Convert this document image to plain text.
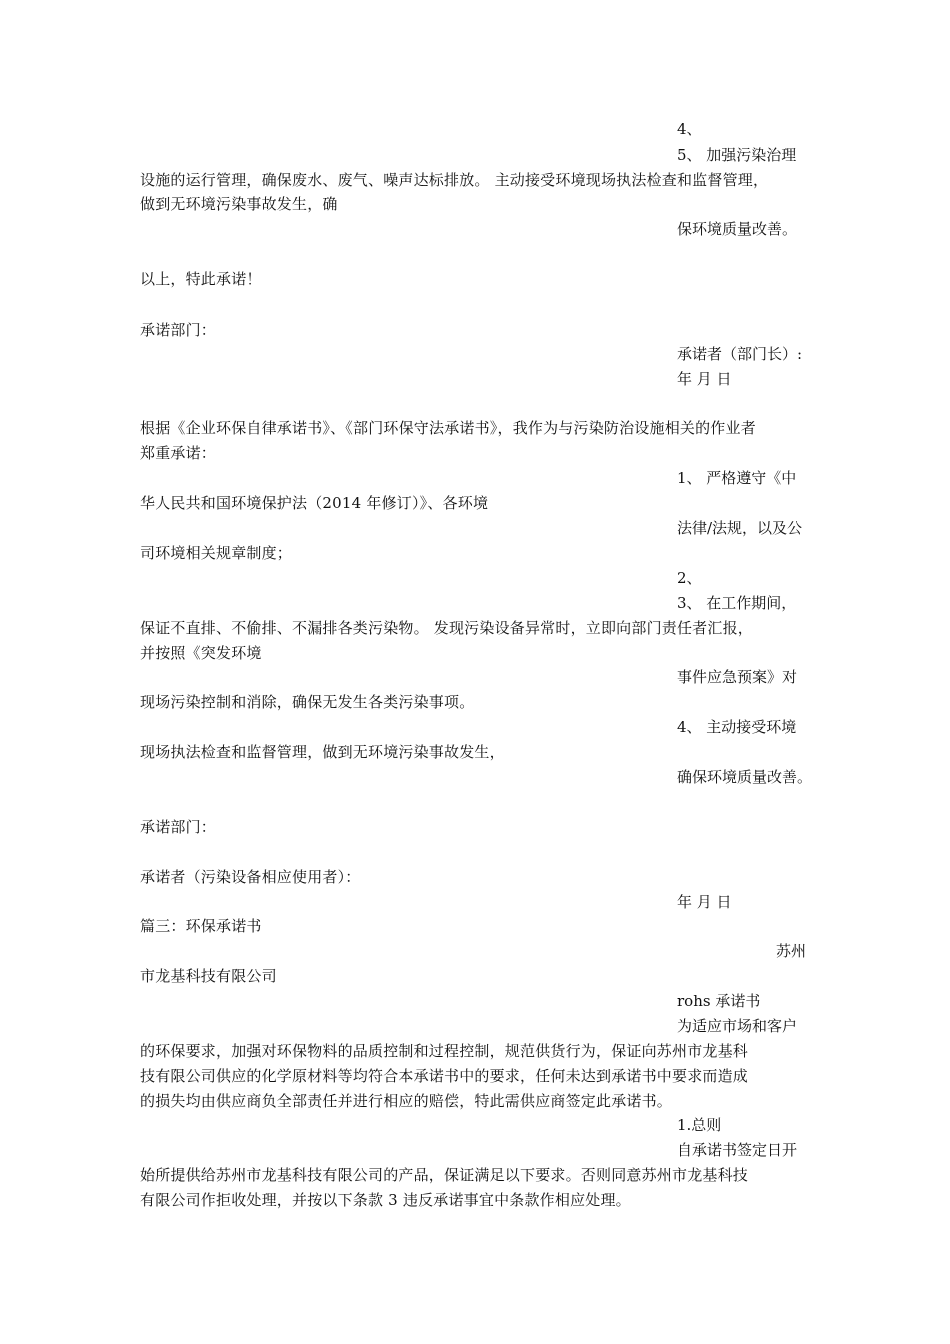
4、
5、 加强污染治理
设施的运行管理，确保废水、废气、噪声达标排放。 主动接受环境现场执法检查和监督管理，
做到无环境污染事故发生，确
保环境质量改善。
以上，特此承诺！
承诺部门：
承诺者（部门长）:
年 月 日
根据《企业环保自律承诺书》、《部门环保守法承诺书》，我作为与污染防治设施相关的作业者
郑重承诺：
1、 严格遵守《中
华人民共和国环境保护法（2014 年修订）》、各环境
法律/法规，以及公
司环境相关规章制度；
2、
3、 在工作期间，
保证不直排、不偷排、不漏排各类污染物。 发现污染设备异常时，立即向部门责任者汇报，
并按照《突发环境
事件应急预案》对
现场污染控制和消除，确保无发生各类污染事项。
4、 主动接受环境
现场执法检查和监督管理，做到无环境污染事故发生，
确保环境质量改善。
承诺部门：
承诺者（污染设备相应使用者）：
年 月 日
篇三：环保承诺书
苏州
市龙基科技有限公司
rohs 承诺书
为适应市场和客户
的环保要求，加强对环保物料的品质控制和过程控制，规范供货行为，保证向苏州市龙基科
技有限公司供应的化学原材料等均符合本承诺书中的要求，任何未达到承诺书中要求而造成
的损失均由供应商负全部责任并进行相应的赔偿，特此需供应商签定此承诺书。
1.总则
自承诺书签定日开
始所提供给苏州市龙基科技有限公司的产品，保证满足以下要求。否则同意苏州市龙基科技
有限公司作拒收处理，并按以下条款 3 违反承诺事宜中条款作相应处理。
